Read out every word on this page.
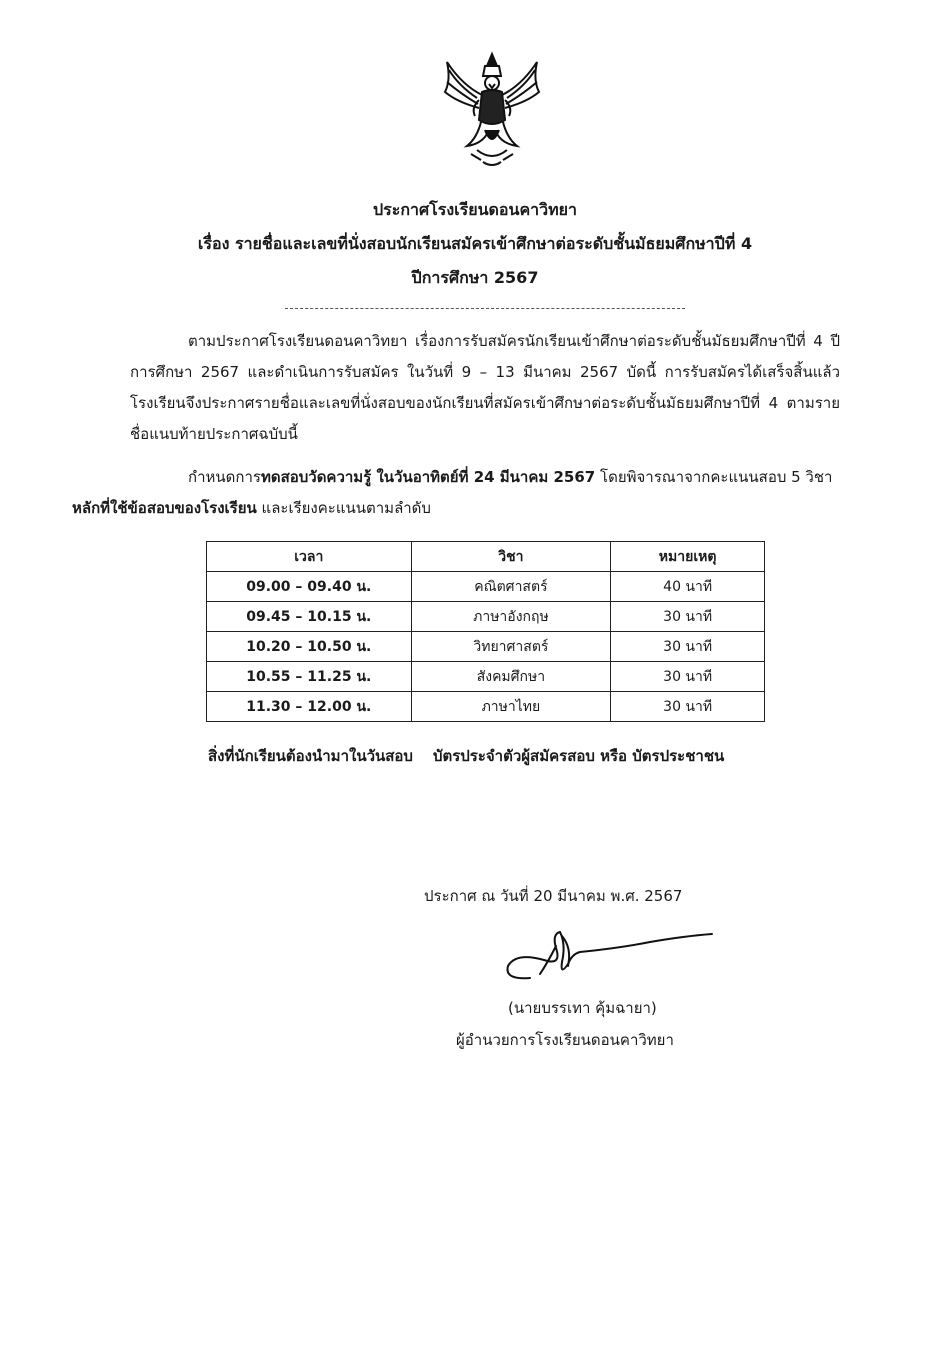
ประกาศโรงเรียนดอนคาวิทยา
เรื่อง รายชื่อและเลขที่นั่งสอบนักเรียนสมัครเข้าศึกษาต่อระดับชั้นมัธยมศึกษาปีที่ 4
ปีการศึกษา 2567
ตามประกาศโรงเรียนดอนคาวิทยา เรื่องการรับสมัครนักเรียนเข้าศึกษาต่อระดับชั้นมัธยมศึกษาปีที่ 4 ปีการศึกษา 2567 และดำเนินการรับสมัคร ในวันที่ 9 – 13 มีนาคม 2567 บัดนี้ การรับสมัครได้เสร็จสิ้นแล้ว โรงเรียนจึงประกาศรายชื่อและเลขที่นั่งสอบของนักเรียนที่สมัครเข้าศึกษาต่อระดับชั้นมัธยมศึกษาปีที่ 4 ตามรายชื่อแนบท้ายประกาศฉบับนี้
กำหนดการทดสอบวัดความรู้ ในวันอาทิตย์ที่ 24 มีนาคม 2567 โดยพิจารณาจากคะแนนสอบ 5 วิชา
หลักที่ใช้ข้อสอบของโรงเรียน และเรียงคะแนนตามลำดับ
เวลา	วิชา	หมายเหตุ
09.00 – 09.40 น.	คณิตศาสตร์	40 นาที
09.45 – 10.15 น.	ภาษาอังกฤษ	30 นาที
10.20 – 10.50 น.	วิทยาศาสตร์	30 นาที
10.55 – 11.25 น.	สังคมศึกษา	30 นาที
11.30 – 12.00 น.	ภาษาไทย	30 นาที
สิ่งที่นักเรียนต้องนำมาในวันสอบ บัตรประจำตัวผู้สมัครสอบ หรือ บัตรประชาชน
ประกาศ ณ วันที่ 20 มีนาคม พ.ศ. 2567
(นายบรรเทา คุ้มฉายา)
ผู้อำนวยการโรงเรียนดอนคาวิทยา
